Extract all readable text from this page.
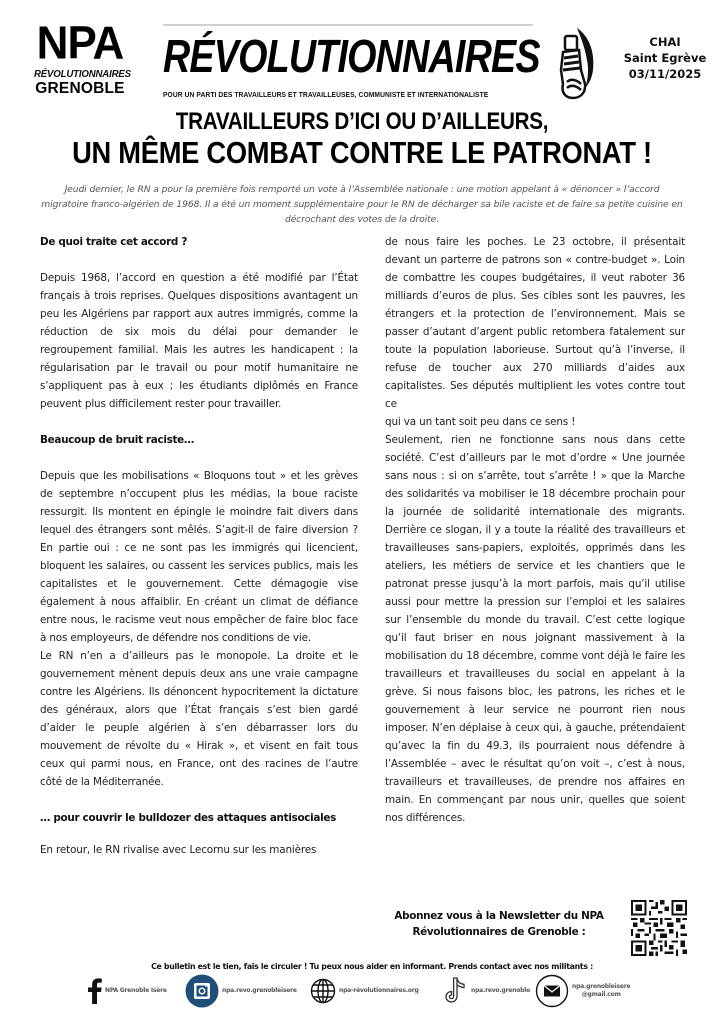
NPA
RÉVOLUTIONNAIRES
GRENOBLE
RÉVOLUTIONNAIRES
POUR UN PARTI DES TRAVAILLEURS ET TRAVAILLEUSES, COMMUNISTE ET INTERNATIONALISTE
CHAI
Saint Egrève
03/11/2025
TRAVAILLEURS D’ICI OU D’AILLEURS,
UN MÊME COMBAT CONTRE LE PATRONAT !
Jeudi dernier, le RN a pour la première fois remporté un vote à l’Assemblée nationale : une motion appelant à « dénoncer » l’accord migratoire franco-algérien de 1968. Il a été un moment supplémentaire pour le RN de décharger sa bile raciste et de faire sa petite cuisine en décrochant des votes de la droite.

De quoi traite cet accord ?

Depuis 1968, l’accord en question a été modifié par l’État français à trois reprises. Quelques dispositions avantagent un peu les Algériens par rapport aux autres immigrés, comme la réduction de six mois du délai pour demander le regroupement familial. Mais les autres les handicapent : la régularisation par le travail ou pour motif humanitaire ne s’appliquent pas à eux ; les étudiants diplômés en France peuvent plus difficilement rester pour travailler.

Beaucoup de bruit raciste…

Depuis que les mobilisations « Bloquons tout » et les grèves de septembre n’occupent plus les médias, la boue raciste ressurgit. Ils montent en épingle le moindre fait divers dans lequel des étrangers sont mêlés. S’agit-il de faire diversion ? En partie oui : ce ne sont pas les immigrés qui licencient, bloquent les salaires, ou cassent les services publics, mais les capitalistes et le gouvernement. Cette démagogie vise également à nous affaiblir. En créant un climat de défiance entre nous, le racisme veut nous empêcher de faire bloc face à nos employeurs, de défendre nos conditions de vie.

Le RN n’en a d’ailleurs pas le monopole. La droite et le gouvernement mènent depuis deux ans une vraie campagne contre les Algériens. Ils dénoncent hypocritement la dictature des généraux, alors que l’État français s’est bien gardé d’aider le peuple algérien à s’en débarrasser lors du mouvement de révolte du « Hirak », et visent en fait tous ceux qui parmi nous, en France, ont des racines de l’autre côté de la Méditerranée.

… pour couvrir le bulldozer des attaques antisociales

En retour, le RN rivalise avec Lecornu sur les manières

de nous faire les poches. Le 23 octobre, il présentait devant un parterre de patrons son « contre-budget ». Loin de combattre les coupes budgétaires, il veut raboter 36 milliards d’euros de plus. Ses cibles sont les pauvres, les étrangers et la protection de l’environnement. Mais se passer d’autant d’argent public retombera fatalement sur toute la population laborieuse. Surtout qu’à l’inverse, il refuse de toucher aux 270 milliards d’aides aux capitalistes. Ses députés multiplient les votes contre tout ce

qui va un tant soit peu dans ce sens !

Seulement, rien ne fonctionne sans nous dans cette société. C’est d’ailleurs par le mot d’ordre « Une journée sans nous : si on s’arrête, tout s’arrête ! » que la Marche des solidarités va mobiliser le 18 décembre prochain pour la journée de solidarité internationale des migrants. Derrière ce slogan, il y a toute la réalité des travailleurs et travailleuses sans-papiers, exploités, opprimés dans les ateliers, les métiers de service et les chantiers que le patronat presse jusqu’à la mort parfois, mais qu’il utilise aussi pour mettre la pression sur l’emploi et les salaires sur l’ensemble du monde du travail. C’est cette logique qu’il faut briser en nous joignant massivement à la mobilisation du 18 décembre, comme vont déjà le faire les travailleurs et travailleuses du social en appelant à la grève. Si nous faisons bloc, les patrons, les riches et le gouvernement à leur service ne pourront rien nous imposer. N’en déplaise à ceux qui, à gauche, prétendaient qu’avec la fin du 49.3, ils pourraient nous défendre à l’Assemblée – avec le résultat qu’on voit –, c’est à nous, travailleurs et travailleuses, de prendre nos affaires en main. En commençant par nous unir, quelles que soient nos différences.

Abonnez vous à la Newsletter du NPA
Révolutionnaires de Grenoble :
Ce bulletin est le tien, fais le circuler ! Tu peux nous aider en informant. Prends contact avec nos militants :
NPA Grenoble Isère	npa.revo.grenobleisere	npa-révolutionnaires.org	npa.revo.grenoble
npa.grenobleisere
@gmail.com
